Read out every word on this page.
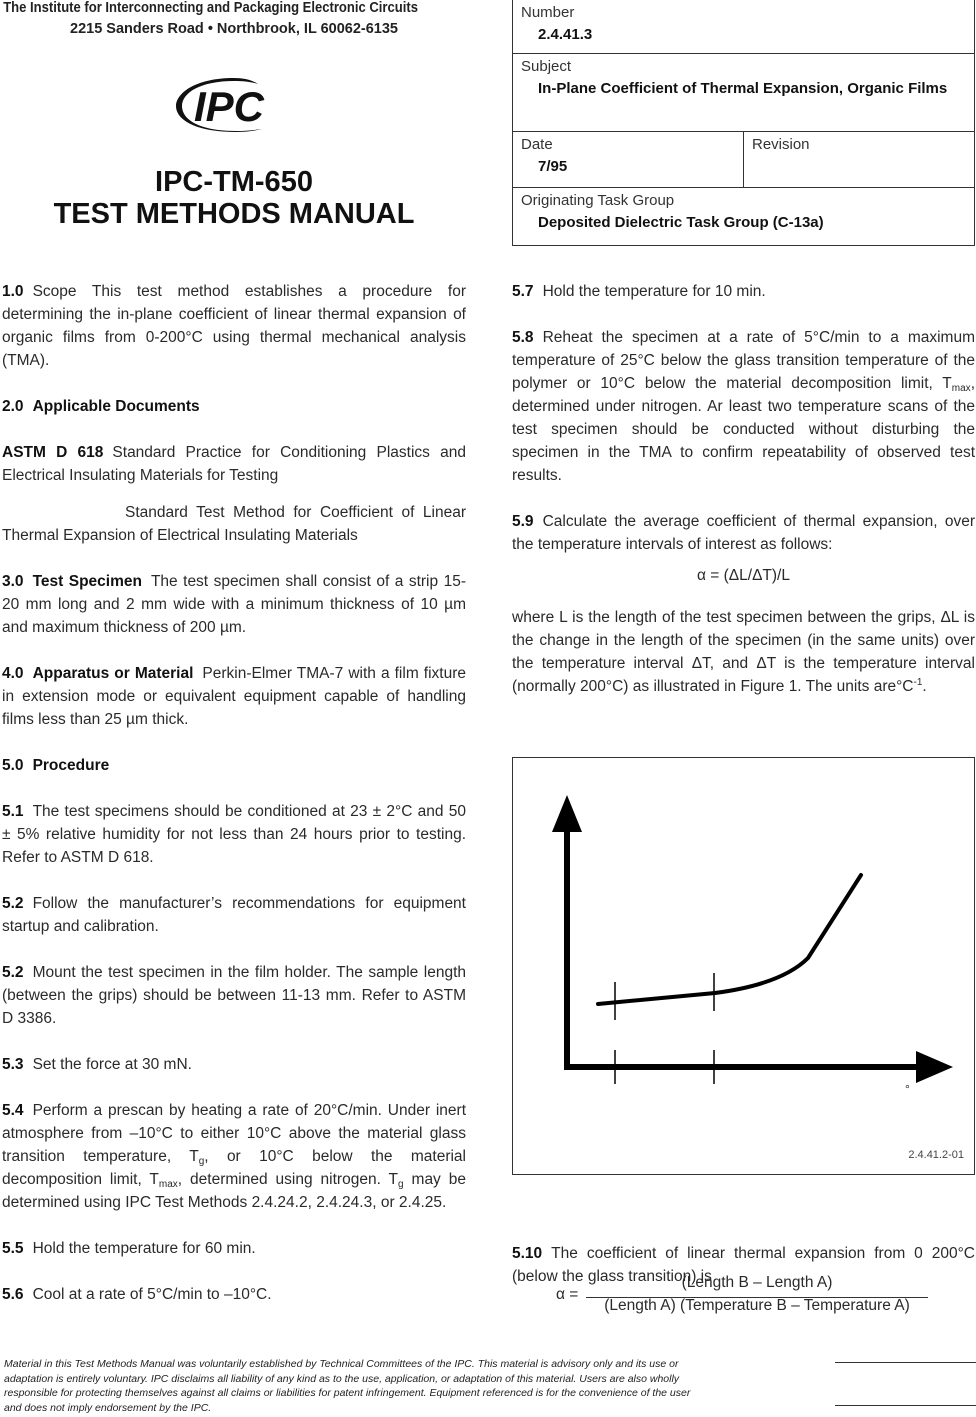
The Institute for Interconnecting and Packaging Electronic Circuits
2215 Sanders Road • Northbrook, IL 60062-6135
IPC
IPC-TM-650
TEST METHODS MANUAL
Number
2.4.41.3
Subject
In-Plane Coefficient of Thermal Expansion, Organic Films
Date
7/95
Revision
Originating Task Group
Deposited Dielectric Task Group (C-13a)

1.0 Scope This test method establishes a procedure for determining the in-plane coefficient of linear thermal expansion of organic films from 0-200°C using thermal mechanical analysis (TMA).

2.0 Applicable Documents

ASTM D 618 Standard Practice for Conditioning Plastics and Electrical Insulating Materials for Testing

Standard Test Method for Coefficient of Linear Thermal Expansion of Electrical Insulating Materials

3.0 Test Specimen The test specimen shall consist of a strip 15-20 mm long and 2 mm wide with a minimum thickness of 10 µm and maximum thickness of 200 µm.

4.0 Apparatus or Material Perkin-Elmer TMA-7 with a film fixture in extension mode or equivalent equipment capable of handling films less than 25 µm thick.

5.0 Procedure

5.1 The test specimens should be conditioned at 23 ± 2°C and 50 ± 5% relative humidity for not less than 24 hours prior to testing. Refer to ASTM D 618.

5.2 Follow the manufacturer’s recommendations for equipment startup and calibration.

5.2 Mount the test specimen in the film holder. The sample length (between the grips) should be between 11-13 mm. Refer to ASTM D 3386.

5.3 Set the force at 30 mN.

5.4 Perform a prescan by heating a rate of 20°C/min. Under inert atmosphere from –10°C to either 10°C above the material glass transition temperature, $T_g$, or 10°C below the material decomposition limit, $T_{max}$, determined using nitrogen. $T_g$ may be determined using IPC Test Methods 2.4.24.2, 2.4.24.3, or 2.4.25.

5.5 Hold the temperature for 60 min.

5.6 Cool at a rate of 5°C/min to –10°C.

5.7 Hold the temperature for 10 min.

5.8 Reheat the specimen at a rate of 5°C/min to a maximum temperature of 25°C below the glass transition temperature of the polymer or 10°C below the material decomposition limit, $T_{max}$, determined under nitrogen. Ar least two temperature scans of the test specimen should be conducted without disturbing the specimen in the TMA to confirm repeatability of observed test results.

5.9 Calculate the average coefficient of thermal expansion, over the temperature intervals of interest as follows:

α = (ΔL/ΔT)/L

where L is the length of the test specimen between the grips, ΔL is the change in the length of the specimen (in the same units) over the temperature interval ΔT, and ΔT is the temperature interval (normally 200°C) as illustrated in Figure 1. The units $are^\circ C^{-1}$.

°
2.4.41.2-01
5.10 The coefficient of linear thermal expansion from 0 200°C (below the glass transition) is
α =
(Length B – Length A)
(Length A) (Temperature B – Temperature A)
Material in this Test Methods Manual was voluntarily established by Technical Committees of the IPC. This material is advisory only and its use or adaptation is entirely voluntary. IPC disclaims all liability of any kind as to the use, application, or adaptation of this material. Users are also wholly responsible for protecting themselves against all claims or liabilities for patent infringement. Equipment referenced is for the convenience of the user and does not imply endorsement by the IPC.
